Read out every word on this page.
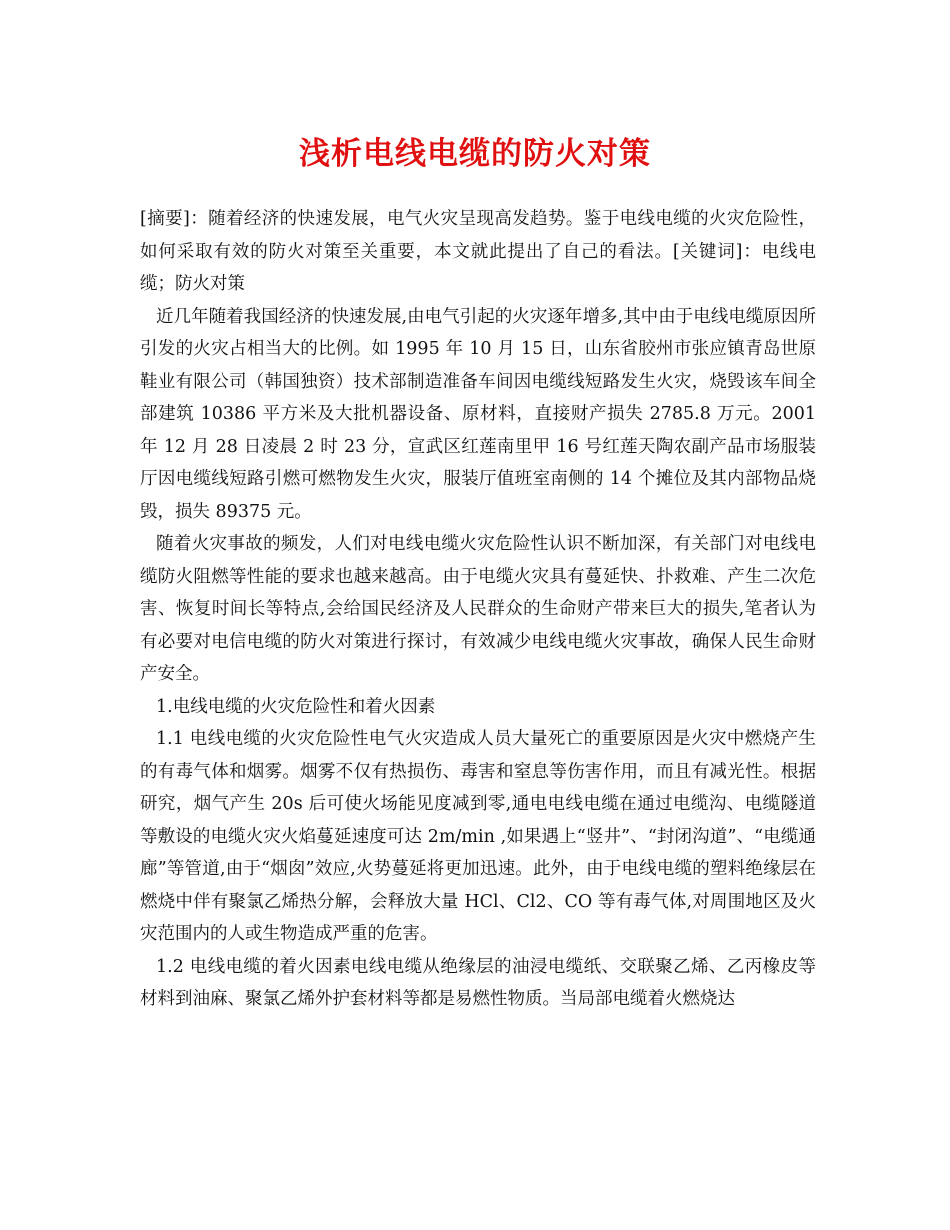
浅析电线电缆的防火对策

[摘要]：随着经济的快速发展，电气火灾呈现高发趋势。鉴于电线电缆的火灾危险性，如何采取有效的防火对策至关重要，本文就此提出了自己的看法。[关键词]：电线电缆；防火对策

近几年随着我国经济的快速发展,由电气引起的火灾逐年增多,其中由于电线电缆原因所引发的火灾占相当大的比例。如 1995 年 10 月 15 日，山东省胶州市张应镇青岛世原鞋业有限公司（韩国独资）技术部制造准备车间因电缆线短路发生火灾，烧毁该车间全部建筑 10386 平方米及大批机器设备、原材料，直接财产损失 2785.8 万元。2001 年 12 月 28 日凌晨 2 时 23 分，宣武区红莲南里甲 16 号红莲天陶农副产品市场服装厅因电缆线短路引燃可燃物发生火灾，服装厅值班室南侧的 14 个摊位及其内部物品烧毁，损失 89375 元。

随着火灾事故的频发，人们对电线电缆火灾危险性认识不断加深，有关部门对电线电缆防火阻燃等性能的要求也越来越高。由于电缆火灾具有蔓延快、扑救难、产生二次危害、恢复时间长等特点,会给国民经济及人民群众的生命财产带来巨大的损失,笔者认为有必要对电信电缆的防火对策进行探讨，有效减少电线电缆火灾事故，确保人民生命财产安全。

1.电线电缆的火灾危险性和着火因素

1.1 电线电缆的火灾危险性电气火灾造成人员大量死亡的重要原因是火灾中燃烧产生的有毒气体和烟雾。烟雾不仅有热损伤、毒害和窒息等伤害作用，而且有减光性。根据研究，烟气产生 20s 后可使火场能见度减到零,通电电线电缆在通过电缆沟、电缆隧道等敷设的电缆火灾火焰蔓延速度可达 2m/min ,如果遇上“竖井”、“封闭沟道”、“电缆通廊”等管道,由于“烟囱”效应,火势蔓延将更加迅速。此外，由于电线电缆的塑料绝缘层在燃烧中伴有聚氯乙烯热分解，会释放大量 HCl、Cl2、CO 等有毒气体,对周围地区及火灾范围内的人或生物造成严重的危害。

1.2 电线电缆的着火因素电线电缆从绝缘层的油浸电缆纸、交联聚乙烯、乙丙橡皮等材料到油麻、聚氯乙烯外护套材料等都是易燃性物质。当局部电缆着火燃烧达
